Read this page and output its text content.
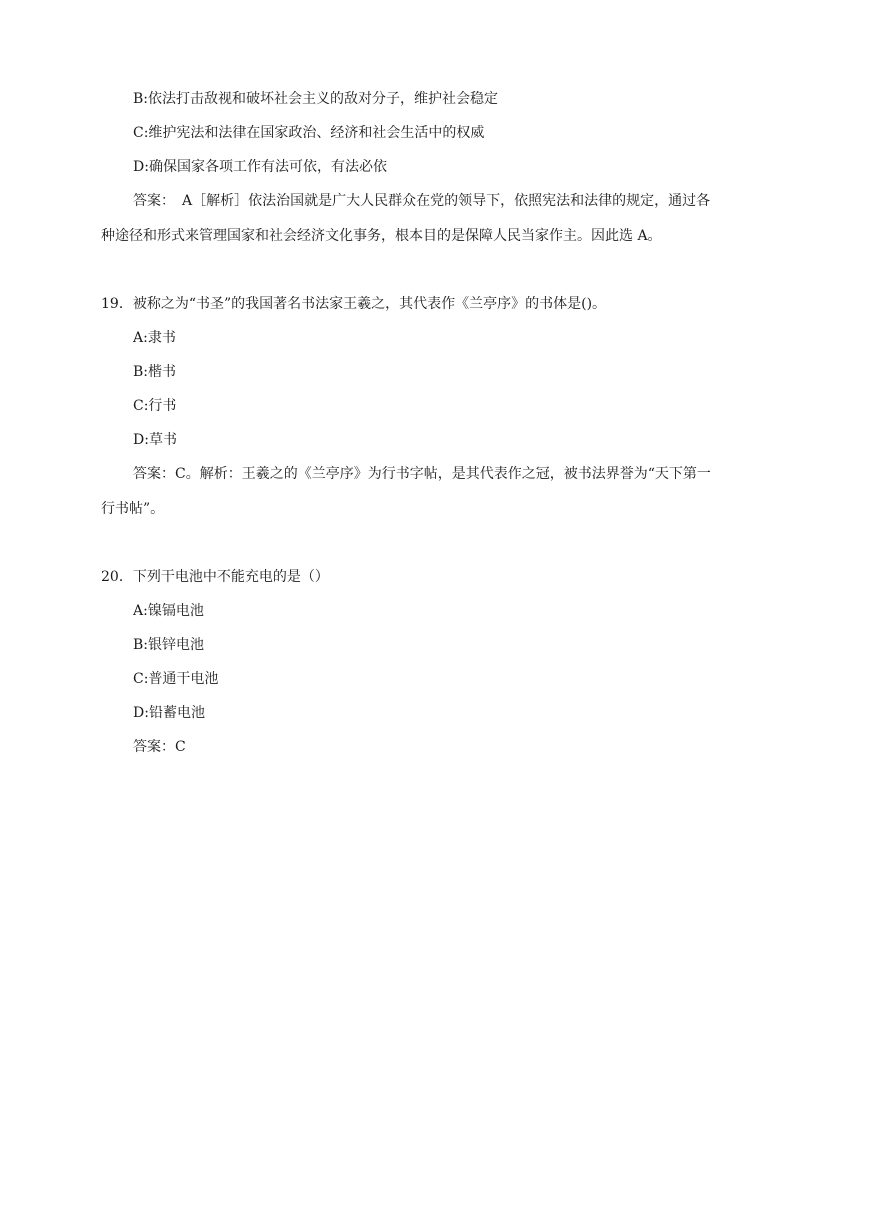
B:依法打击敌视和破坏社会主义的敌对分子，维护社会稳定
C:维护宪法和法律在国家政治、经济和社会生活中的权威
D:确保国家各项工作有法可依，有法必依
答案：　A［解析］依法治国就是广大人民群众在党的领导下，依照宪法和法律的规定，通过各
种途径和形式来管理国家和社会经济文化事务，根本目的是保障人民当家作主。因此选 A。
19．被称之为“书圣”的我国著名书法家王羲之，其代表作《兰亭序》的书体是()。
A:隶书
B:楷书
C:行书
D:草书
答案：C。解析：王羲之的《兰亭序》为行书字帖，是其代表作之冠，被书法界誉为“天下第一
行书帖”。
20．下列干电池中不能充电的是（）
A:镍镉电池
B:银锌电池
C:普通干电池
D:铅蓄电池
答案：C
